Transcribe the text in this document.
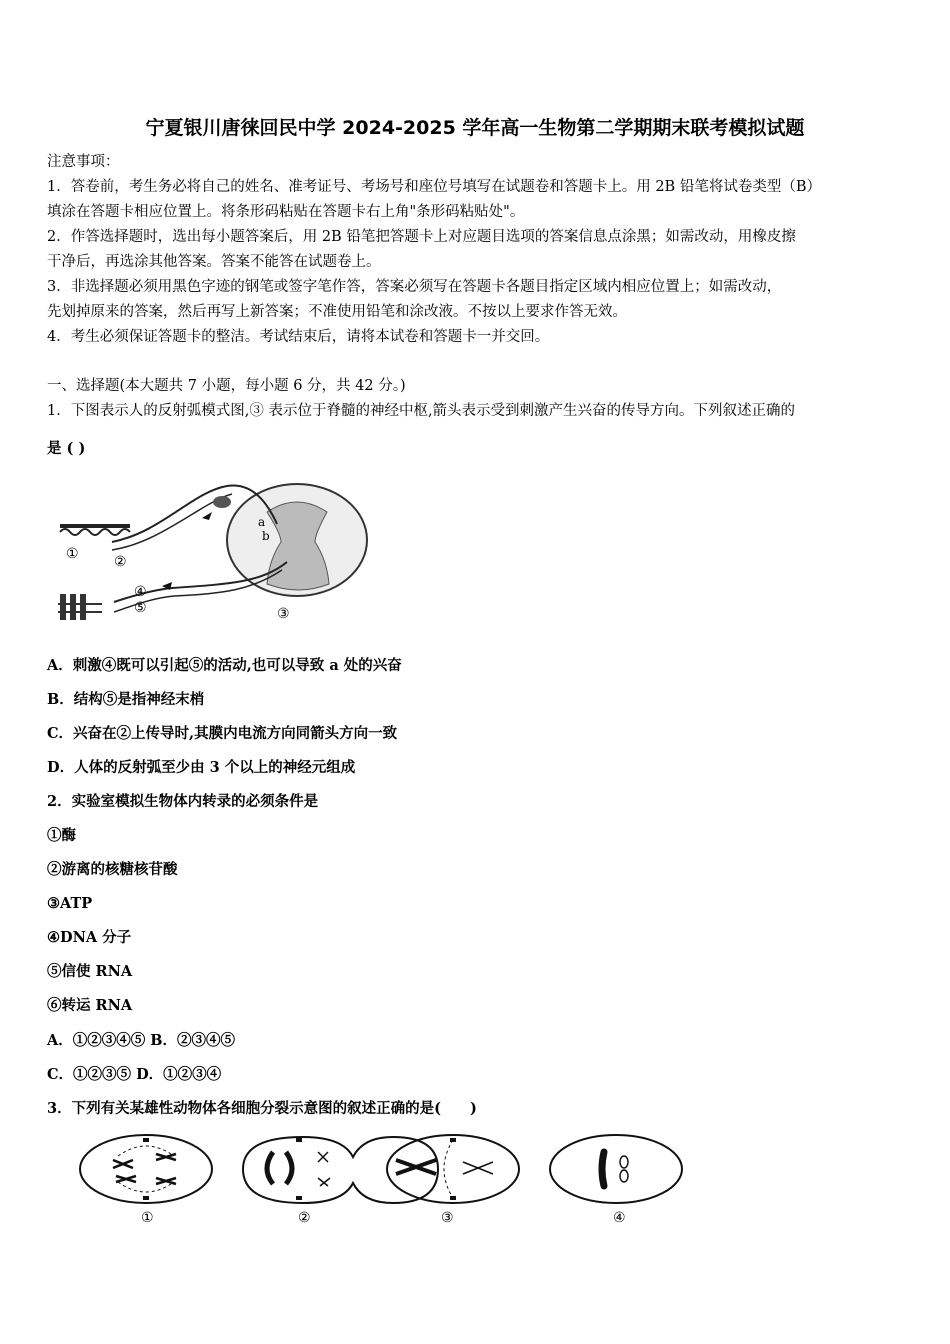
宁夏银川唐徕回民中学 2024-2025 学年高一生物第二学期期末联考模拟试题
注意事项：
1．答卷前，考生务必将自己的姓名、准考证号、考场号和座位号填写在试题卷和答题卡上。用 2B 铅笔将试卷类型（B）
填涂在答题卡相应位置上。将条形码粘贴在答题卡右上角"条形码粘贴处"。
2．作答选择题时，选出每小题答案后，用 2B 铅笔把答题卡上对应题目选项的答案信息点涂黑；如需改动，用橡皮擦
干净后，再选涂其他答案。答案不能答在试题卷上。
3．非选择题必须用黑色字迹的钢笔或签字笔作答，答案必须写在答题卡各题目指定区域内相应位置上；如需改动，
先划掉原来的答案，然后再写上新答案；不准使用铅笔和涂改液。不按以上要求作答无效。
4．考生必须保证答题卡的整洁。考试结束后，请将本试卷和答题卡一并交回。
一、选择题(本大题共 7 小题，每小题 6 分，共 42 分。)
1．下图表示人的反射弧模式图,③ 表示位于脊髓的神经中枢,箭头表示受到刺激产生兴奋的传导方向。下列叙述正确的
是 ( )
①	②
③
④
⑤
a
b
A．刺激④既可以引起⑤的活动,也可以导致 a 处的兴奋
B．结构⑤是指神经末梢
C．兴奋在②上传导时,其膜内电流方向同箭头方向一致
D．人体的反射弧至少由 3 个以上的神经元组成
2．实验室模拟生物体内转录的必须条件是
①酶
②游离的核糖核苷酸
③ATP
④DNA 分子
⑤信使 RNA
⑥转运 RNA
A．①②③④⑤ B．②③④⑤
C．①②③⑤ D．①②③④
3．下列有关某雄性动物体各细胞分裂示意图的叙述正确的是(　　)
①	②	③	④
